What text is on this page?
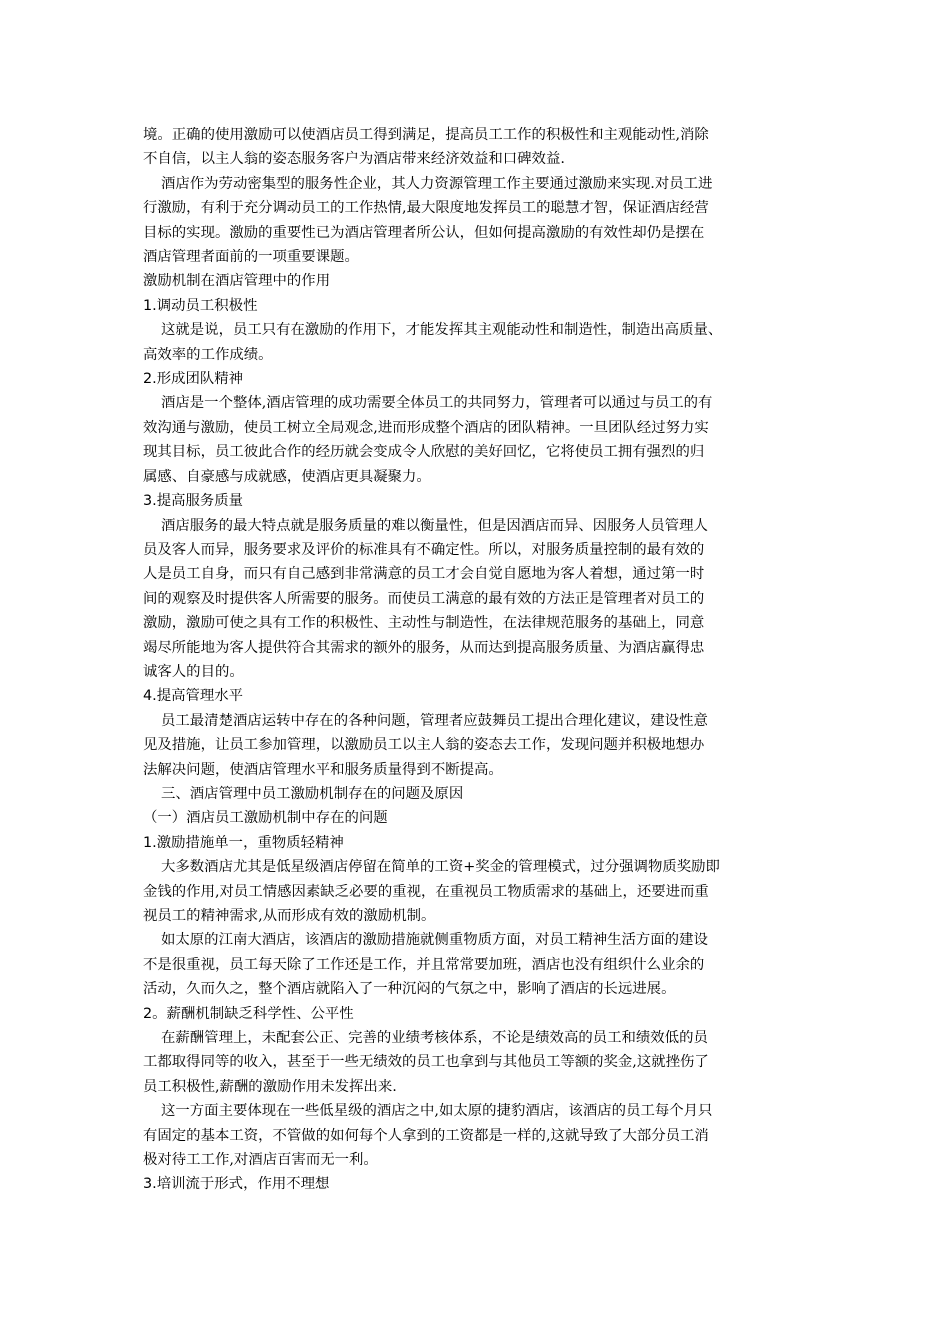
境。正确的使用激励可以使酒店员工得到满足，提高员工工作的积极性和主观能动性,消除

不自信，以主人翁的姿态服务客户为酒店带来经济效益和口碑效益.

酒店作为劳动密集型的服务性企业，其人力资源管理工作主要通过激励来实现.对员工进

行激励，有利于充分调动员工的工作热情,最大限度地发挥员工的聪慧才智，保证酒店经营

目标的实现。激励的重要性已为酒店管理者所公认，但如何提高激励的有效性却仍是摆在

酒店管理者面前的一项重要课题。

激励机制在酒店管理中的作用

1.调动员工积极性

这就是说，员工只有在激励的作用下，才能发挥其主观能动性和制造性，制造出高质量、

高效率的工作成绩。

2.形成团队精神

酒店是一个整体,酒店管理的成功需要全体员工的共同努力，管理者可以通过与员工的有

效沟通与激励，使员工树立全局观念,进而形成整个酒店的团队精神。一旦团队经过努力实

现其目标，员工彼此合作的经历就会变成令人欣慰的美好回忆，它将使员工拥有强烈的归

属感、自豪感与成就感，使酒店更具凝聚力。

3.提高服务质量

酒店服务的最大特点就是服务质量的难以衡量性，但是因酒店而异、因服务人员管理人

员及客人而异，服务要求及评价的标准具有不确定性。所以，对服务质量控制的最有效的

人是员工自身，而只有自己感到非常满意的员工才会自觉自愿地为客人着想，通过第一时

间的观察及时提供客人所需要的服务。而使员工满意的最有效的方法正是管理者对员工的

激励，激励可使之具有工作的积极性、主动性与制造性，在法律规范服务的基础上，同意

竭尽所能地为客人提供符合其需求的额外的服务，从而达到提高服务质量、为酒店赢得忠

诚客人的目的。

4.提高管理水平

员工最清楚酒店运转中存在的各种问题，管理者应鼓舞员工提出合理化建议，建设性意

见及措施，让员工参加管理，以激励员工以主人翁的姿态去工作，发现问题并积极地想办

法解决问题，使酒店管理水平和服务质量得到不断提高。

三、酒店管理中员工激励机制存在的问题及原因

（一）酒店员工激励机制中存在的问题

1.激励措施单一，重物质轻精神

大多数酒店尤其是低星级酒店停留在简单的工资+奖金的管理模式，过分强调物质奖励即

金钱的作用,对员工情感因素缺乏必要的重视，在重视员工物质需求的基础上，还要进而重

视员工的精神需求,从而形成有效的激励机制。

如太原的江南大酒店，该酒店的激励措施就侧重物质方面，对员工精神生活方面的建设

不是很重视，员工每天除了工作还是工作，并且常常要加班，酒店也没有组织什么业余的

活动，久而久之，整个酒店就陷入了一种沉闷的气氛之中，影响了酒店的长远进展。

2。薪酬机制缺乏科学性、公平性

在薪酬管理上，未配套公正、完善的业绩考核体系，不论是绩效高的员工和绩效低的员

工都取得同等的收入，甚至于一些无绩效的员工也拿到与其他员工等额的奖金,这就挫伤了

员工积极性,薪酬的激励作用未发挥出来.

这一方面主要体现在一些低星级的酒店之中,如太原的捷豹酒店，该酒店的员工每个月只

有固定的基本工资，不管做的如何每个人拿到的工资都是一样的,这就导致了大部分员工消

极对待工工作,对酒店百害而无一利。

3.培训流于形式，作用不理想
